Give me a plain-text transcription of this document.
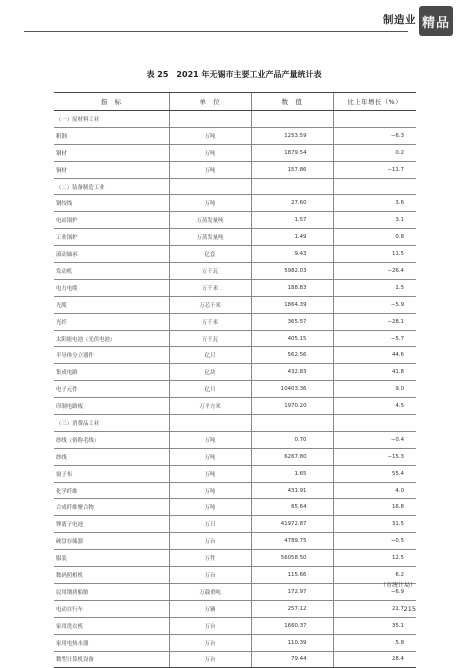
制造业 精品
表 25　2021 年无锡市主要工业产品产量统计表
指　标	单　位	数　值	比上年增长（%）
（一）原材料工业			
粗钢	万吨	1253.59	−6.3
钢材	万吨	1879.54	0.2
铜材	万吨	157.86	−11.7
（二）装备制造工业			
钢绞线	万吨	27.60	3.6
电站锅炉	万蒸发量吨	1.57	3.1
工业锅炉	万蒸发量吨	1.49	0.8
滚动轴承	亿套	9.43	11.5
发动机	万千瓦	5982.03	−26.4
电力电缆	万千米	188.83	1.5
光缆	万芯千米	1864.39	−5.9
光纤	万千米	365.57	−28.1
太阳能电池（光伏电池）	万千瓦	405.15	−5.7
半导体分立器件	亿只	562.56	44.6
集成电路	亿块	432.83	41.8
电子元件	亿只	10403.36	9.0
印制电路板	万平方米	1970.20	4.5
（三）消费品工业			
纱线（俗称毛线）	万吨	0.70	−0.4
纱线	万吨	6267.80	−15.3
窗子布	万吨	1.65	55.4
化学纤维	万吨	431.91	4.0
合成纤维聚合物	万吨	65.64	16.8
锂离子电池	万只	41972.87	31.5
硬盘存储器	万台	4789.75	−0.5
服装	万件	56058.50	12.5
数码照相机	万台	115.66	6.2
民用钢质船舶	万载重吨	172.97	−6.9
电动自行车	万辆	257.12	21.7
家用洗衣机	万台	1660.37	35.1
家用电热水器	万台	110.39	5.8
微型计算机设备	万台	79.44	28.4
（市统计局）
215
